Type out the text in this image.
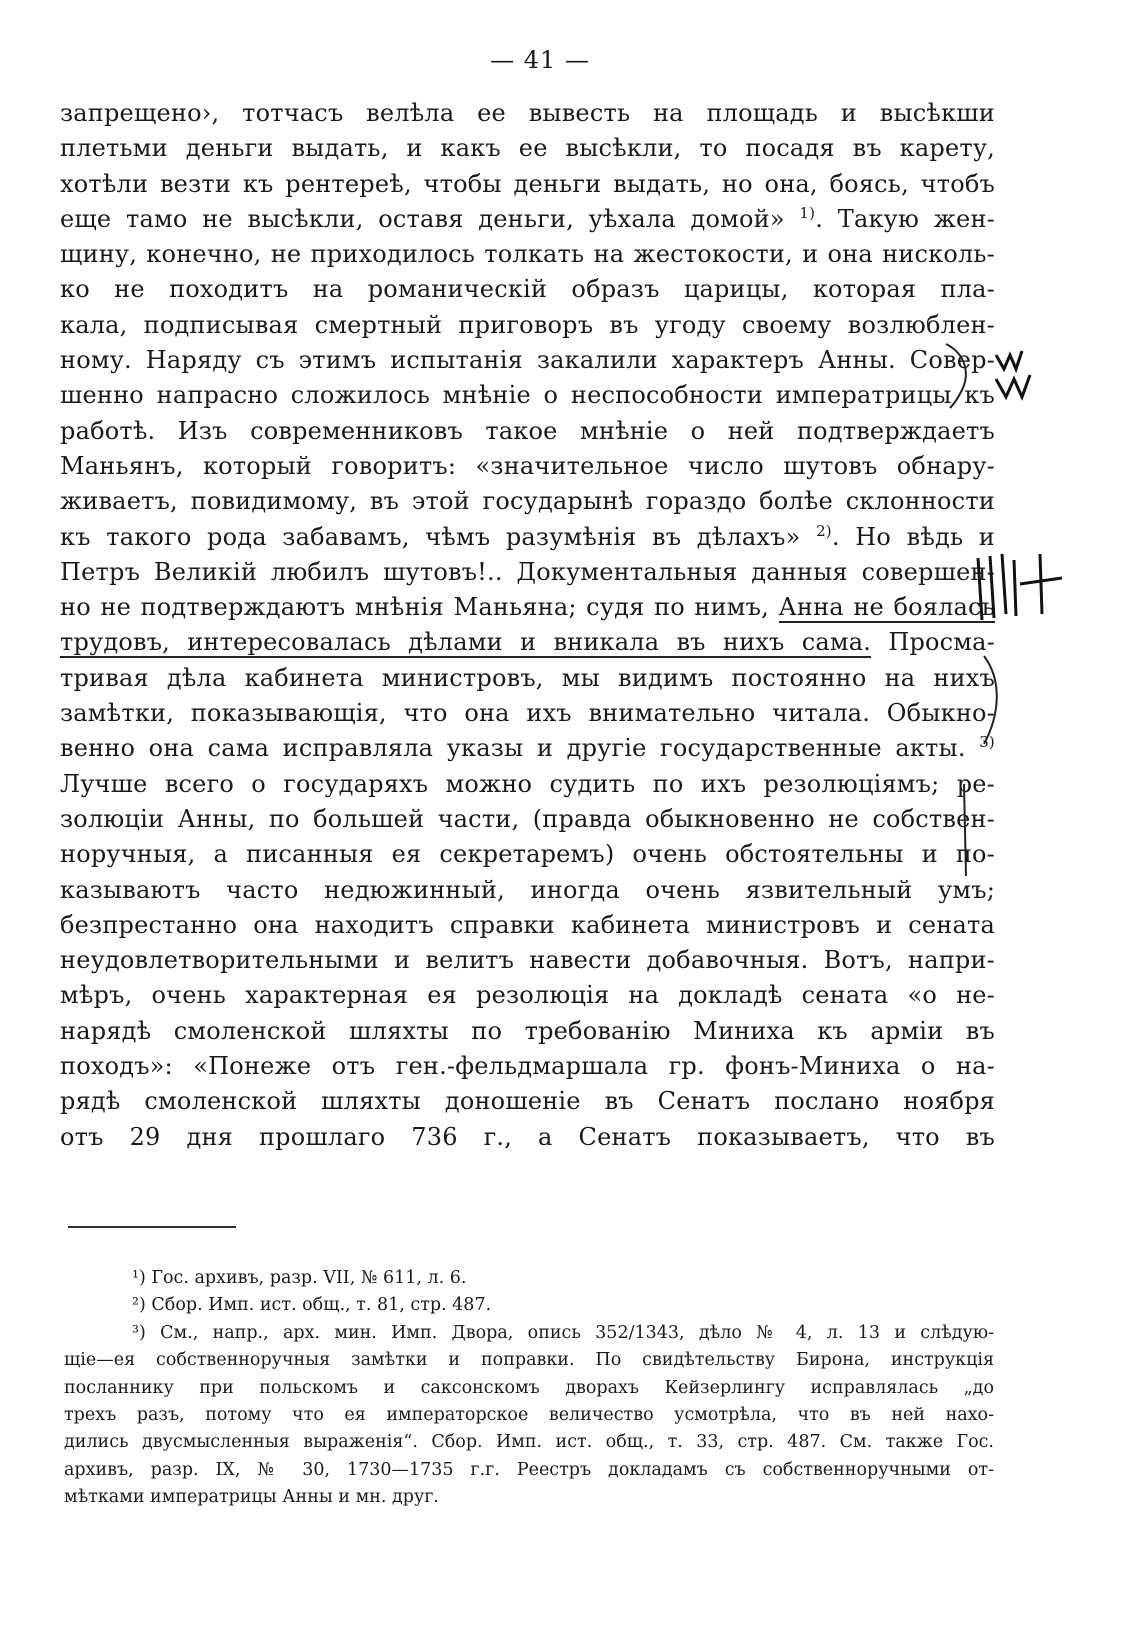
— 41 —
запрещено›, тотчасъ велѣла ее вывесть на площадь и высѣкши
плетьми деньги выдать, и какъ ее высѣкли, то посадя въ карету,
хотѣли везти къ рентереѣ, чтобы деньги выдать, но она, боясь, чтобъ
еще тамо не высѣкли, оставя деньги, уѣхала домой» $^{1)}$. Такую жен-
щину, конечно, не приходилось толкать на жестокости, и она нисколь-
ко не походитъ на романическій образъ царицы, которая пла-
кала, подписывая смертный приговоръ въ угоду своему возлюблен-
ному. Наряду съ этимъ испытанія закалили характеръ Анны. Совер-
шенно напрасно сложилось мнѣніе о неспособности императрицы къ
работѣ. Изъ современниковъ такое мнѣніе о ней подтверждаетъ
Маньянъ, который говоритъ: «значительное число шутовъ обнару-
живаетъ, повидимому, въ этой государынѣ гораздо болѣе склонности
къ такого рода забавамъ, чѣмъ разумѣнія въ дѣлахъ» $^{2)}$. Но вѣдь и
Петръ Великій любилъ шутовъ!.. Документальныя данныя совершен-
но не подтверждаютъ мнѣнія Маньяна; судя по нимъ, Анна не боялась
трудовъ, интересовалась дѣлами и вникала въ нихъ сама. Просма-
тривая дѣла кабинета министровъ, мы видимъ постоянно на нихъ
замѣтки, показывающія, что она ихъ внимательно читала. Обыкно-
венно она сама исправляла указы и другіе государственные акты. $^{3)}$
Лучше всего о государяхъ можно судить по ихъ резолюціямъ; ре-
золюціи Анны, по большей части, (правда обыкновенно не собствен-
норучныя, а писанныя ея секретаремъ) очень обстоятельны и по-
казываютъ часто недюжинный, иногда очень язвительный умъ;
безпрестанно она находитъ справки кабинета министровъ и сената
неудовлетворительными и велитъ навести добавочныя. Вотъ, напри-
мѣръ, очень характерная ея резолюція на докладѣ сената «о не-
нарядѣ смоленской шляхты по требованію Миниха къ арміи въ
походъ»: «Понеже отъ ген.-фельдмаршала гр. фонъ-Миниха о на-
рядѣ смоленской шляхты доношеніе въ Сенатъ послано ноября
отъ 29 дня прошлаго 736 г., а Сенатъ показываетъ, что въ
¹) Гос. архивъ, разр. VII, № 611, л. 6.
²) Сбор. Имп. ист. общ., т. 81, стр. 487.
³) См., напр., арх. мин. Имп. Двора, опись 352/1343, дѣло № 4, л. 13 и слѣдую-
щіе—ея собственноручныя замѣтки и поправки. По свидѣтельству Бирона, инструкція
посланнику при польскомъ и саксонскомъ дворахъ Кейзерлингу исправлялась „до
трехъ разъ, потому что ея императорское величество усмотрѣла, что въ ней нахо-
дились двусмысленныя выраженія“. Сбор. Имп. ист. общ., т. 33, стр. 487. См. также Гос.
архивъ, разр. IX, № 30, 1730—1735 г.г. Реестръ докладамъ съ собственноручными от-
мѣтками императрицы Анны и мн. друг.
